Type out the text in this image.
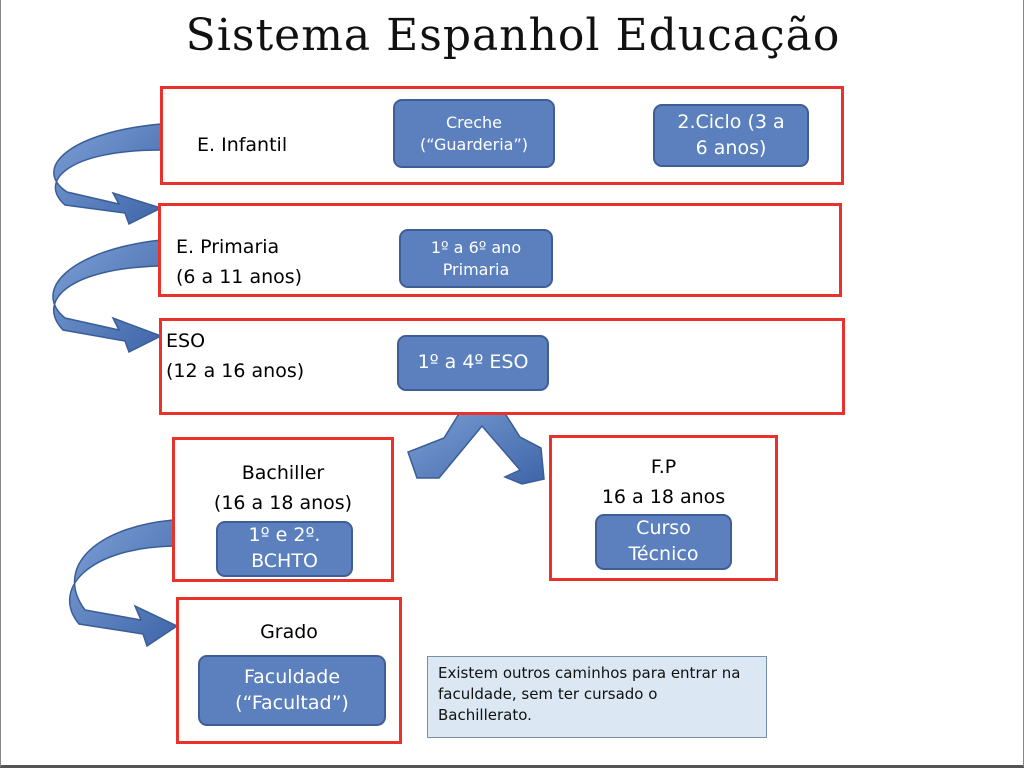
Sistema Espanhol Educação
E. Infantil
Creche
(“Guarderia”)
2.Ciclo (3 a
6 anos)
E. Primaria
(6 a 11 anos)
1º a 6º ano
Primaria
ESO
(12 a 16 anos)	1º a 4º ESO
Bachiller
(16 a 18 anos)
1º e 2º.
BCHTO
F.P
16 a 18 anos
Curso
Técnico
Grado
Faculdade
(“Facultad”)
Existem outros caminhos para entrar na faculdade, sem ter cursado o Bachillerato.
